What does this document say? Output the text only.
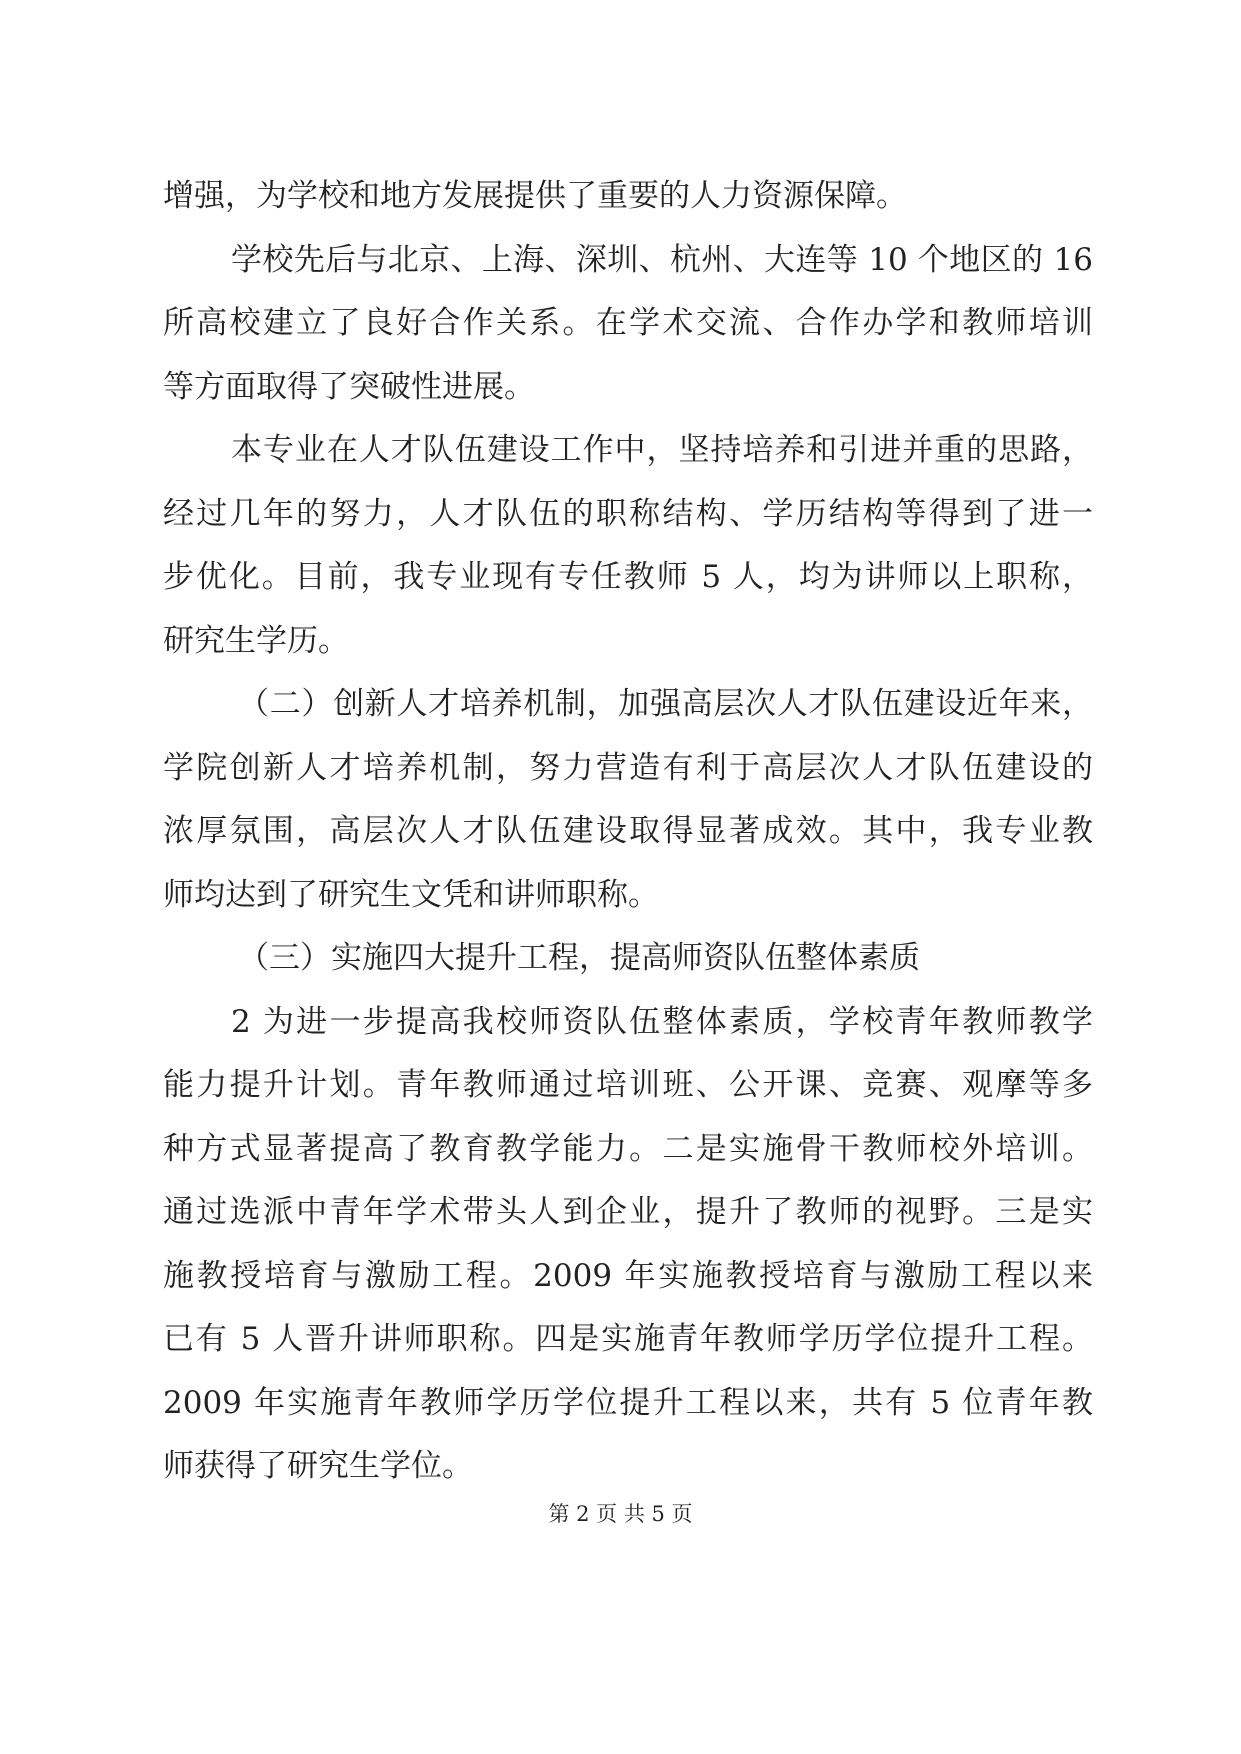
增强，为学校和地方发展提供了重要的人力资源保障。
学校先后与北京、上海、深圳、杭州、大连等 10 个地区的 16
所高校建立了良好合作关系。在学术交流、合作办学和教师培训
等方面取得了突破性进展。
本专业在人才队伍建设工作中，坚持培养和引进并重的思路，
经过几年的努力，人才队伍的职称结构、学历结构等得到了进一
步优化。目前，我专业现有专任教师 5 人，均为讲师以上职称，
研究生学历。
（二）创新人才培养机制，加强高层次人才队伍建设近年来，
学院创新人才培养机制，努力营造有利于高层次人才队伍建设的
浓厚氛围，高层次人才队伍建设取得显著成效。其中，我专业教
师均达到了研究生文凭和讲师职称。
（三）实施四大提升工程，提高师资队伍整体素质
2 为进一步提高我校师资队伍整体素质，学校青年教师教学
能力提升计划。青年教师通过培训班、公开课、竞赛、观摩等多
种方式显著提高了教育教学能力。二是实施骨干教师校外培训。
通过选派中青年学术带头人到企业，提升了教师的视野。三是实
施教授培育与激励工程。2009 年实施教授培育与激励工程以来
已有 5 人晋升讲师职称。四是实施青年教师学历学位提升工程。
2009 年实施青年教师学历学位提升工程以来，共有 5 位青年教
师获得了研究生学位。
第 2 页 共 5 页
